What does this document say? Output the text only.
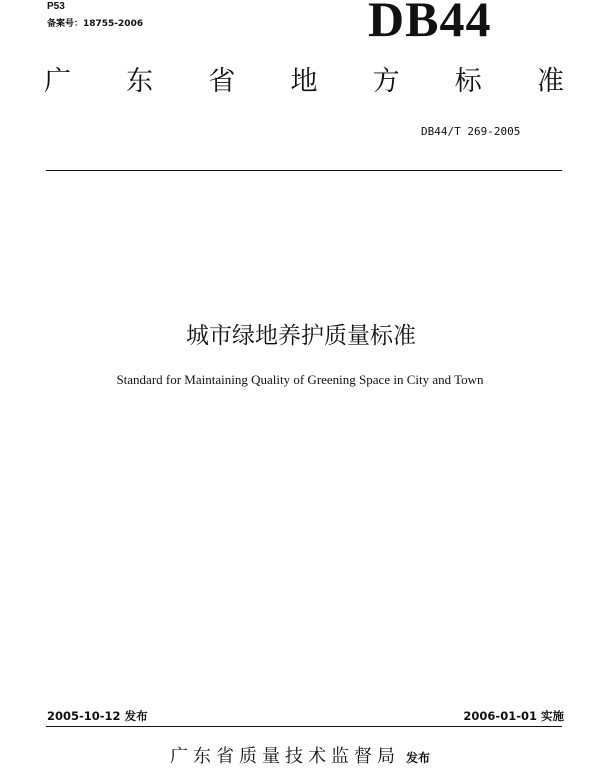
P53
备案号：18755-2006	DB44
广 东 省 地 方 标 准
DB44/T 269-2005
城市绿地养护质量标准
Standard for Maintaining Quality of Greening Space in City and Town
2005-10-12 发布	2006-01-01 实施
广东省质量技术监督局 发布
